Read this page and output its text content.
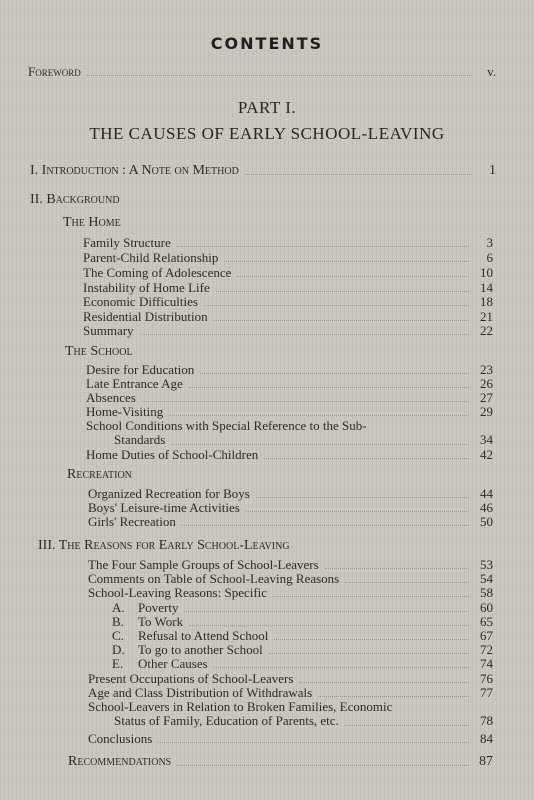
CONTENTS
Foreword	v.
PART I.
THE CAUSES OF EARLY SCHOOL-LEAVING
I. Introduction : A Note on Method	1
II. Background
The Home
Family Structure	3
Parent-Child Relationship	6
The Coming of Adolescence	10
Instability of Home Life	14
Economic Difficulties	18
Residential Distribution	21
Summary	22
The School
Desire for Education	23
Late Entrance Age	26
Absences	27
Home-Visiting	29
School Conditions with Special Reference to the Sub-
Standards	34
Home Duties of School-Children	42
Recreation
Organized Recreation for Boys	44
Boys' Leisure-time Activities	46
Girls' Recreation	50
III. The Reasons for Early School-Leaving
The Four Sample Groups of School-Leavers	53
Comments on Table of School-Leaving Reasons	54
School-Leaving Reasons: Specific	58
A.	Poverty	60
B.	To Work	65
C.	Refusal to Attend School	67
D.	To go to another School	72
E.	Other Causes	74
Present Occupations of School-Leavers	76
Age and Class Distribution of Withdrawals	77
School-Leavers in Relation to Broken Families, Economic
Status of Family, Education of Parents, etc.	78
Conclusions	84
Recommendations	87
